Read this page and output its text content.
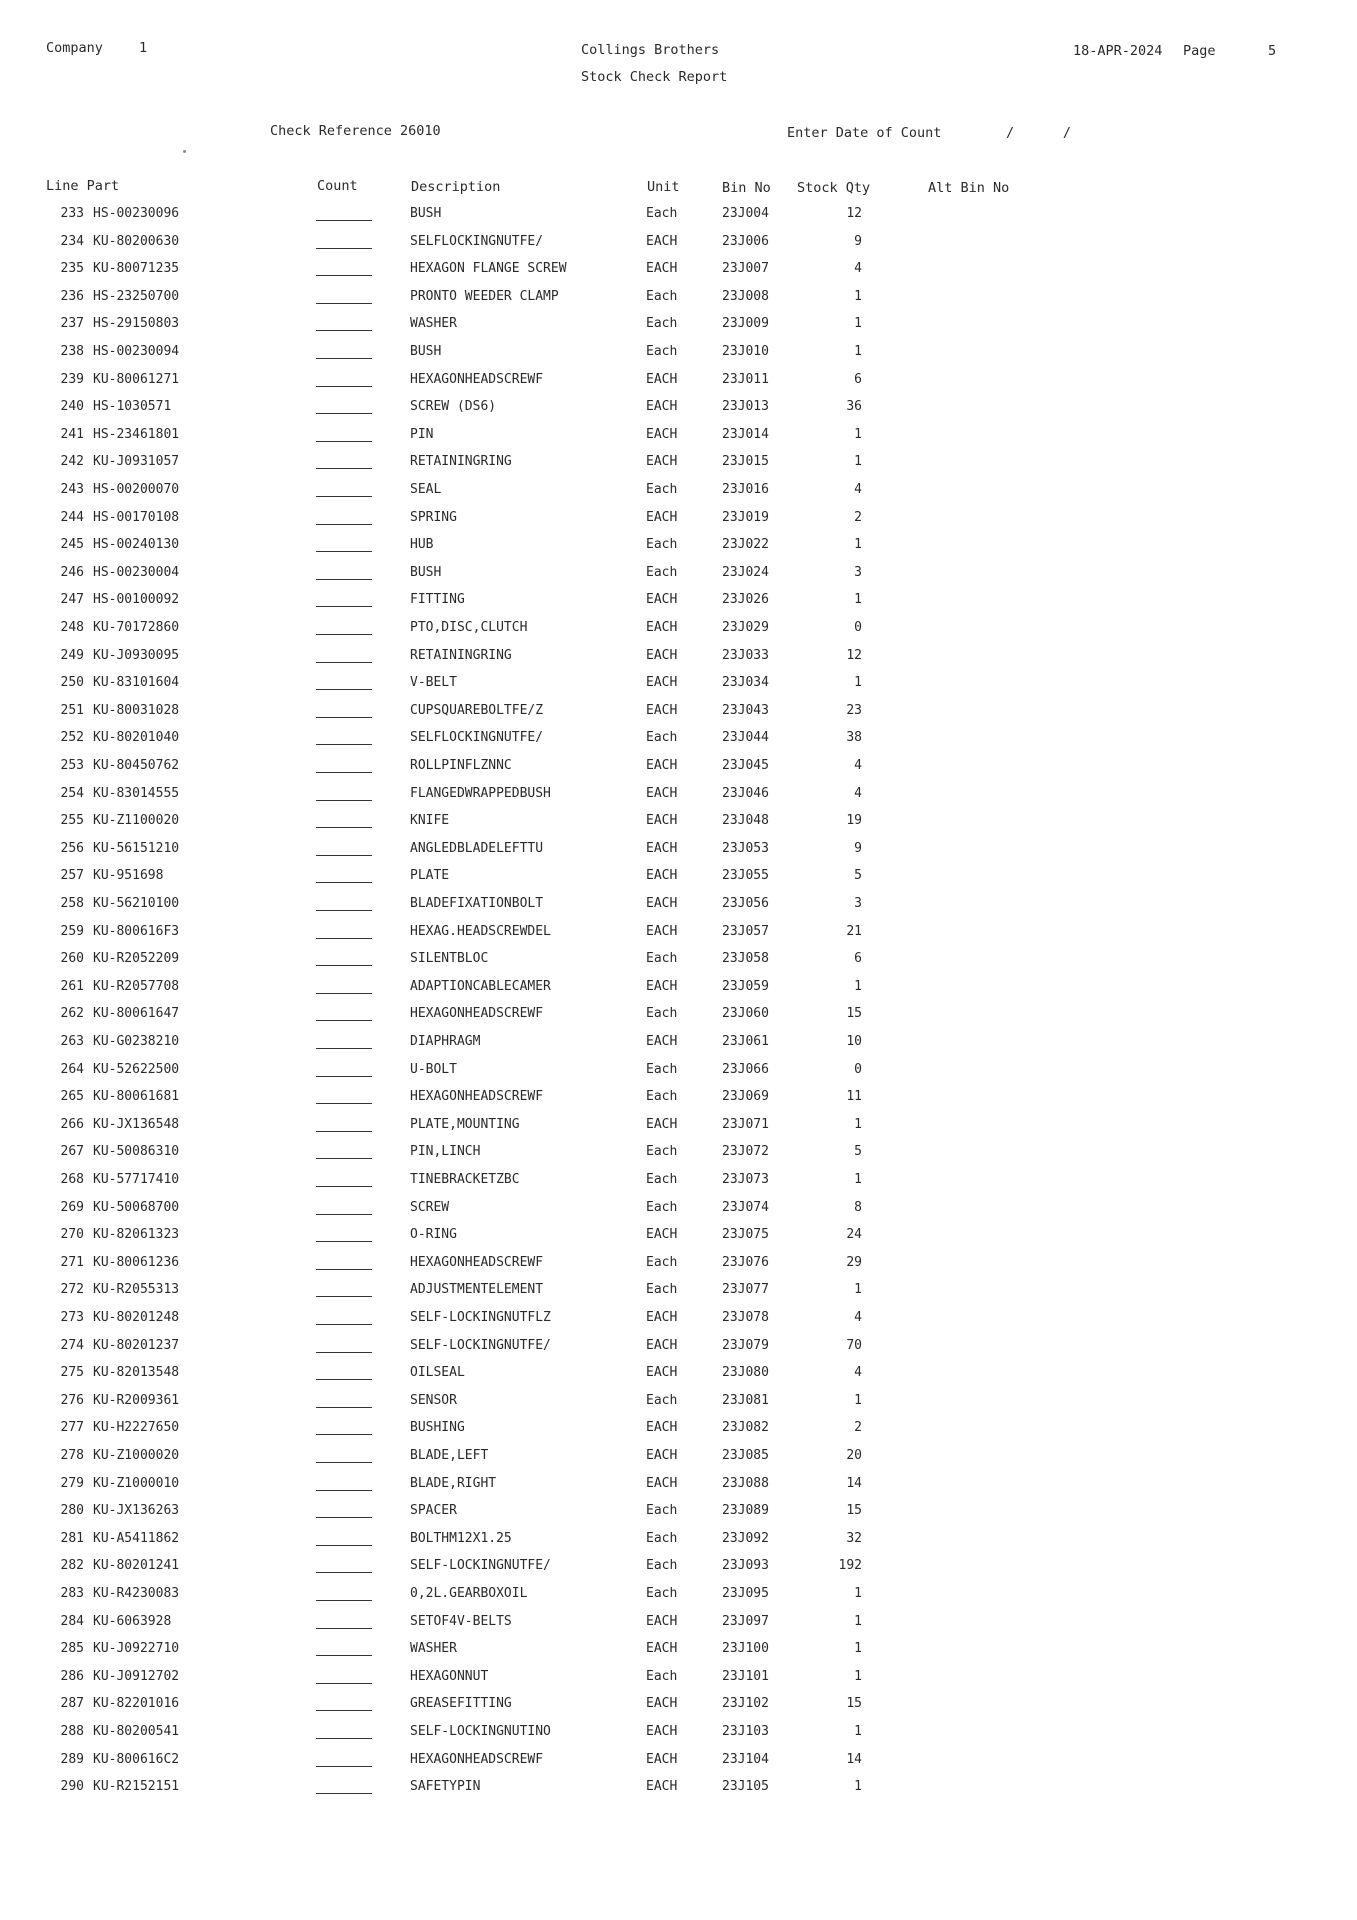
Company	1	Collings Brothers
Stock Check Report
18-APR-2024 Page	5
Check Reference 26010	Enter Date of Count	/      /
Line Part	Count	Description	Unit	Bin No Stock Qty	Alt Bin No
233 HS-00230096	BUSH	Each	23J004	12
234 KU-80200630	SELFLOCKINGNUTFE/	EACH	23J006	9
235 KU-80071235	HEXAGON FLANGE SCREW	EACH	23J007	4
236 HS-23250700	PRONTO WEEDER CLAMP	Each	23J008	1
237 HS-29150803	WASHER	Each	23J009	1
238 HS-00230094	BUSH	Each	23J010	1
239 KU-80061271	HEXAGONHEADSCREWF	EACH	23J011	6
240 HS-1030571	SCREW (DS6)	EACH	23J013	36
241 HS-23461801	PIN	EACH	23J014	1
242 KU-J0931057	RETAININGRING	EACH	23J015	1
243 HS-00200070	SEAL	Each	23J016	4
244 HS-00170108	SPRING	EACH	23J019	2
245 HS-00240130	HUB	Each	23J022	1
246 HS-00230004	BUSH	Each	23J024	3
247 HS-00100092	FITTING	EACH	23J026	1
248 KU-70172860	PTO,DISC,CLUTCH	EACH	23J029	0
249 KU-J0930095	RETAININGRING	EACH	23J033	12
250 KU-83101604	V-BELT	EACH	23J034	1
251 KU-80031028	CUPSQUAREBOLTFE/Z	EACH	23J043	23
252 KU-80201040	SELFLOCKINGNUTFE/	Each	23J044	38
253 KU-80450762	ROLLPINFLZNNC	EACH	23J045	4
254 KU-83014555	FLANGEDWRAPPEDBUSH	EACH	23J046	4
255 KU-Z1100020	KNIFE	EACH	23J048	19
256 KU-56151210	ANGLEDBLADELEFTTU	EACH	23J053	9
257 KU-951698	PLATE	EACH	23J055	5
258 KU-56210100	BLADEFIXATIONBOLT	EACH	23J056	3
259 KU-800616F3	HEXAG.HEADSCREWDEL	EACH	23J057	21
260 KU-R2052209	SILENTBLOC	Each	23J058	6
261 KU-R2057708	ADAPTIONCABLECAMER	EACH	23J059	1
262 KU-80061647	HEXAGONHEADSCREWF	Each	23J060	15
263 KU-G0238210	DIAPHRAGM	EACH	23J061	10
264 KU-52622500	U-BOLT	Each	23J066	0
265 KU-80061681	HEXAGONHEADSCREWF	Each	23J069	11
266 KU-JX136548	PLATE,MOUNTING	EACH	23J071	1
267 KU-50086310	PIN,LINCH	Each	23J072	5
268 KU-57717410	TINEBRACKETZBC	Each	23J073	1
269 KU-50068700	SCREW	Each	23J074	8
270 KU-82061323	O-RING	EACH	23J075	24
271 KU-80061236	HEXAGONHEADSCREWF	Each	23J076	29
272 KU-R2055313	ADJUSTMENTELEMENT	Each	23J077	1
273 KU-80201248	SELF-LOCKINGNUTFLZ	EACH	23J078	4
274 KU-80201237	SELF-LOCKINGNUTFE/	EACH	23J079	70
275 KU-82013548	OILSEAL	EACH	23J080	4
276 KU-R2009361	SENSOR	Each	23J081	1
277 KU-H2227650	BUSHING	EACH	23J082	2
278 KU-Z1000020	BLADE,LEFT	EACH	23J085	20
279 KU-Z1000010	BLADE,RIGHT	EACH	23J088	14
280 KU-JX136263	SPACER	Each	23J089	15
281 KU-A5411862	BOLTHM12X1.25	Each	23J092	32
282 KU-80201241	SELF-LOCKINGNUTFE/	Each	23J093	192
283 KU-R4230083	0,2L.GEARBOXOIL	Each	23J095	1
284 KU-6063928	SETOF4V-BELTS	EACH	23J097	1
285 KU-J0922710	WASHER	EACH	23J100	1
286 KU-J0912702	HEXAGONNUT	Each	23J101	1
287 KU-82201016	GREASEFITTING	EACH	23J102	15
288 KU-80200541	SELF-LOCKINGNUTINO	EACH	23J103	1
289 KU-800616C2	HEXAGONHEADSCREWF	EACH	23J104	14
290 KU-R2152151	SAFETYPIN	EACH	23J105	1
